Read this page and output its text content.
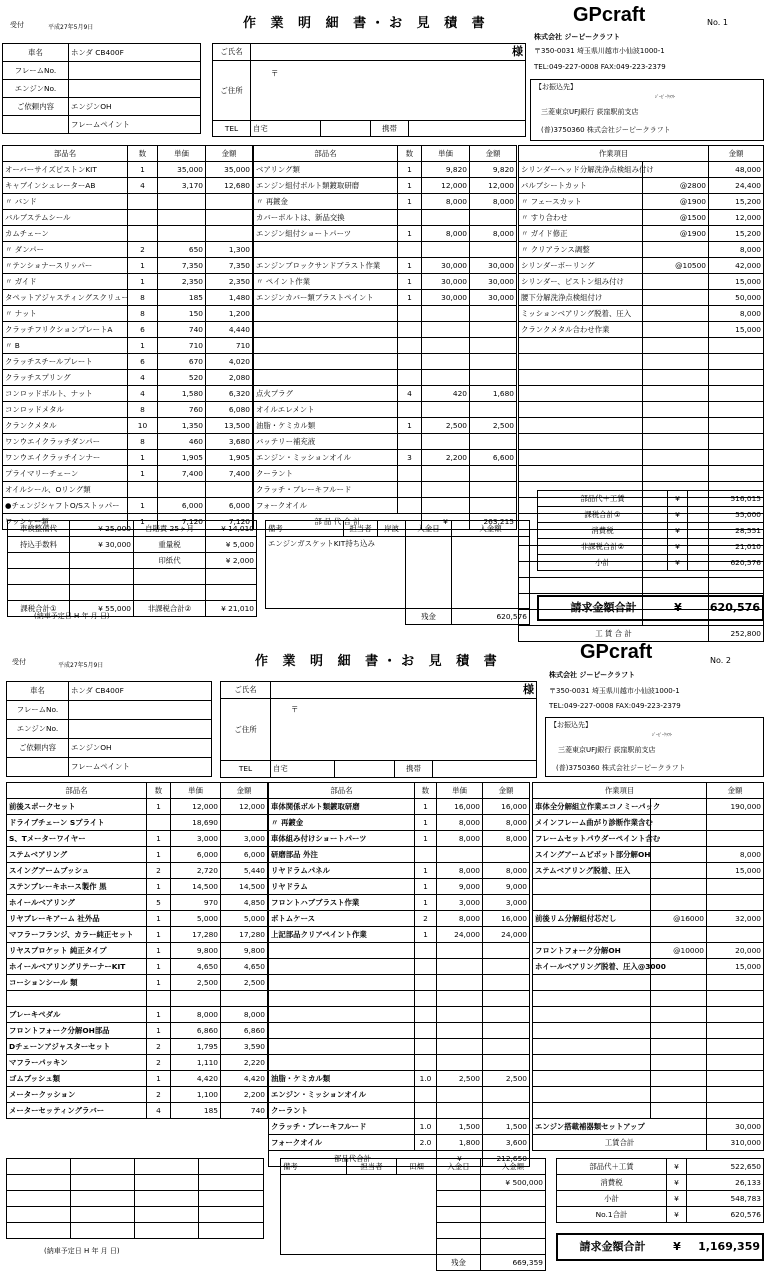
受付	平成27年5月9日	作 業 明 細 書・お 見 積 書	GPcraft	No. 1
株式会社 ジーピークラフト
〒350-0031 埼玉県川越市小仙波1000-1
TEL:049-227-0008 FAX:049-223-2379
【お振込先】
ｼﾞｰﾋﾟｰｸﾗﾌﾄ
三菱東京UFJ銀行 荻窪駅前支店
(普)3750360 株式会社ジーピークラフト
車名	ホンダ CB400F
フレームNo.	
エンジンNo.	
ご依頼内容	エンジンOH
	フレームペイント
ご氏名	様			
ご住所	〒			
TEL	自宅		携帯	
部品名	数	単価	金額
オーバーサイズピストンKIT	1	35,000	35,000
キャブインシュレーターAB	4	3,170	12,680
〃 バンド			
バルブステムシール			
カムチェーン			
〃 ダンパー	2	650	1,300
〃テンショナースリッパー	1	7,350	7,350
〃 ガイド	1	2,350	2,350
タペットアジャスティングスクリュー	8	185	1,480
〃 ナット	8	150	1,200
クラッチフリクションプレートA	6	740	4,440
〃 B	1	710	710
クラッチスチールプレート	6	670	4,020
クラッチスプリング	4	520	2,080
コンロッドボルト、ナット	4	1,580	6,320
コンロッドメタル	8	760	6,080
クランクメタル	10	1,350	13,500
ワンウエイクラッチダンパー	8	460	3,680
ワンウエイクラッチインナー	1	1,905	1,905
プライマリーチェーン	1	7,400	7,400
オイルシール、Oリング類			
●チェンジシャフトO/Sストッパー	1	6,000	6,000
ワッシャー類	1	7,120	7,120
部品名	数	単価	金額
ベアリング類	1	9,820	9,820
エンジン組付ボルト類鍍取研磨	1	12,000	12,000
〃 再鍍金	1	8,000	8,000
カバーボルトは、新品交換			
エンジン組付ショートパーツ	1	8,000	8,000

エンジンブロックサンドブラスト作業	1	30,000	30,000
〃 ペイント作業	1	30,000	30,000
エンジンカバー類ブラストペイント	1	30,000	30,000

点火プラグ	4	420	1,680
オイルエレメント			
油脂・ケミカル類	1	2,500	2,500
バッテリー補充液			
エンジン・ミッションオイル	3	2,200	6,600
クーラント			
クラッチ・ブレーキフルード			
フォークオイル			
部 品 代 合 計		¥	263,215
作業項目		金額
シリンダーヘッド分解洗浄点検組み付け		48,000
バルブシートカット	@2800	24,400
〃 フェースカット	@1900	15,200
〃 すり合わせ	@1500	12,000
〃 ガイド修正	@1900	15,200
〃 クリアランス調整		8,000
シリンダーボーリング	@10500	42,000
シリンダー、ピストン組み付け		15,000
腰下分解洗浄点検組付け		50,000
ミッションベアリング脱着、圧入		8,000
クランクメタル合わせ作業		15,000

工 賃 合 計		252,800
部品代＋工賃	¥	516,015
課税合計①	¥	55,000
消費税	¥	28,551
非課税合計②	¥	21,010
小計	¥	620,576
請求金額合計	¥	620,576
車検整備代	¥ 25,000	自賠責 25ヶ月	¥ 14,010
持込手数料	¥ 30,000	重量税	¥ 5,000
		印紙代	¥ 2,000

課税合計①	¥ 55,000	非課税合計②	¥ 21,010
(納車予定日 H 年 月 日)
備考	担当者	岸波	入金日	入金額
エンジンガスケットKIT持ち込み				
			残金	620,576
受付	平成27年5月9日	作 業 明 細 書・お 見 積 書	GPcraft	No. 2
株式会社 ジーピークラフト
〒350-0031 埼玉県川越市小仙波1000-1
TEL:049-227-0008 FAX:049-223-2379
【お振込先】
ｼﾞｰﾋﾟｰｸﾗﾌﾄ
三菱東京UFJ銀行 荻窪駅前支店
(普)3750360 株式会社ジーピークラフト
車名	ホンダ CB400F
フレームNo.	
エンジンNo.	
ご依頼内容	エンジンOH
	フレームペイント
ご氏名	様			
ご住所	〒			
TEL	自宅		携帯	
部品名	数	単価	金額
前後スポークセット	1	12,000	12,000
ドライブチェーン Sプライト		18,690	
S、Tメーターワイヤー	1	3,000	3,000
ステムベアリング	1	6,000	6,000
スイングアームブッシュ	2	2,720	5,440
ステンブレーキホース製作 黒	1	14,500	14,500
ホイールベアリング	5	970	4,850
リヤブレーキアーム 社外品	1	5,000	5,000
マフラーフランジ、カラー純正セット	1	17,280	17,280
リヤスプロケット 純正タイプ	1	9,800	9,800
ホイールベアリングリテーナーKIT	1	4,650	4,650
コーションシール 類	1	2,500	2,500

ブレーキペダル	1	8,000	8,000
フロントフォーク分解OH部品	1	6,860	6,860
Dチェーンアジャスターセット	2	1,795	3,590
マフラーパッキン	2	1,110	2,220
ゴムブッシュ類	1	4,420	4,420
メータークッション	2	1,100	2,200
メーターセッティングラバー	4	185	740
部品名	数	単価	金額
車体関係ボルト類鍍取研磨	1	16,000	16,000
〃 再鍍金	1	8,000	8,000
車体組み付けショートパーツ	1	8,000	8,000
研磨部品 外注			
リヤドラムパネル	1	8,000	8,000
リヤドラム	1	9,000	9,000
フロントハブブラスト作業	1	3,000	3,000
ボトムケース	2	8,000	16,000
上記部品クリアペイント作業	1	24,000	24,000

油脂・ケミカル類	1.0	2,500	2,500
エンジン・ミッションオイル			
クーラント			
クラッチ・ブレーキフルード	1.0	1,500	1,500
フォークオイル	2.0	1,800	3,600
部品代合計		¥	212,650
作業項目		金額
車体全分解組立作業エコノミーパック		190,000
メインフレーム曲がり診断作業含む		
フレームセットパウダーペイント含む		
スイングアームピボット部分解OH		8,000
ステムベアリング脱着、圧入		15,000

前後リム分解組付芯だし	@16000	32,000

フロントフォーク分解OH	@10000	20,000
ホイールベアリング脱着、圧入@3000		15,000

エンジン搭載補器類セットアップ		30,000
工賃合計		310,000
部品代＋工賃	¥	522,650
消費税	¥	26,133
小計	¥	548,783
No.1合計	¥	620,576
請求金額合計	¥	1,169,359

(納車予定日 H 年 月 日)
備考	担当者	田畑	入金日	入金額
				¥ 500,000

			残金	669,359
